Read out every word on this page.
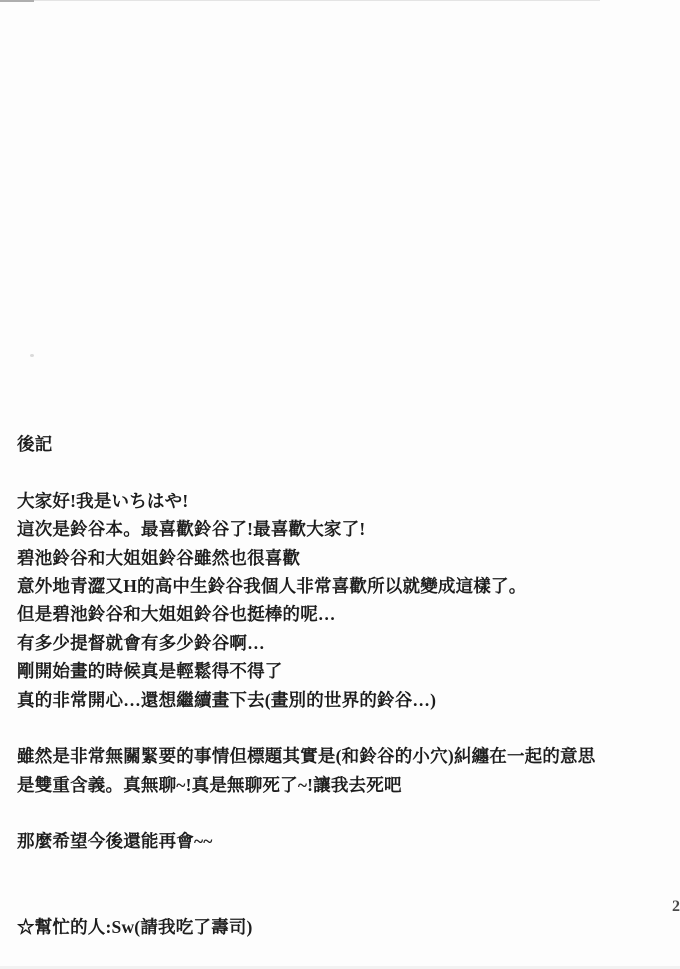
後記
大家好!我是いちはや!
這次是鈴谷本。最喜歡鈴谷了!最喜歡大家了!
碧池鈴谷和大姐姐鈴谷雖然也很喜歡
意外地青澀又H的高中生鈴谷我個人非常喜歡所以就變成這樣了。
但是碧池鈴谷和大姐姐鈴谷也挺棒的呢…
有多少提督就會有多少鈴谷啊…
剛開始畫的時候真是輕鬆得不得了
真的非常開心…還想繼續畫下去(畫別的世界的鈴谷…)
雖然是非常無關緊要的事情但標題其實是(和鈴谷的小穴)糾纏在一起的意思
是雙重含義。真無聊~!真是無聊死了~!讓我去死吧
那麼希望今後還能再會~~
☆幫忙的人:Sw(請我吃了壽司)
2
